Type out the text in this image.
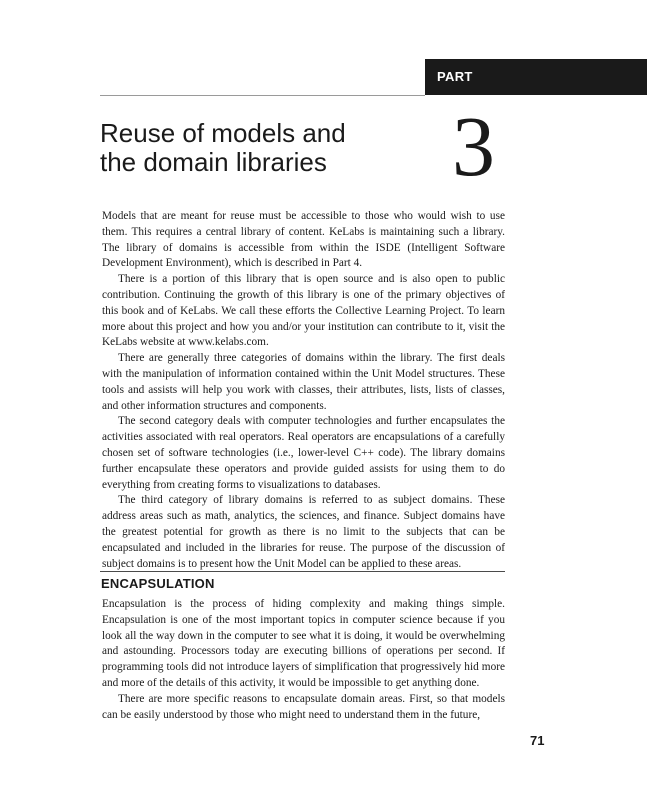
PART
Reuse of models and
the domain libraries	3

Models that are meant for reuse must be accessible to those who would wish to use them. This requires a central library of content. KeLabs is maintaining such a library. The library of domains is accessible from within the ISDE (Intelligent Software Development Environment), which is described in Part 4.

There is a portion of this library that is open source and is also open to public contribution. Continuing the growth of this library is one of the primary objectives of this book and of KeLabs. We call these efforts the Collective Learning Project. To learn more about this project and how you and/or your institution can contribute to it, visit the KeLabs website at www.kelabs.com.

There are generally three categories of domains within the library. The first deals with the manipulation of information contained within the Unit Model structures. These tools and assists will help you work with classes, their attributes, lists, lists of classes, and other information structures and components.

The second category deals with computer technologies and further encapsulates the activities associated with real operators. Real operators are encapsulations of a carefully chosen set of software technologies (i.e., lower-level C++ code). The library domains further encapsulate these operators and provide guided assists for using them to do everything from creating forms to visualizations to databases.

The third category of library domains is referred to as subject domains. These address areas such as math, analytics, the sciences, and finance. Subject domains have the greatest potential for growth as there is no limit to the subjects that can be encapsulated and included in the libraries for reuse. The purpose of the discussion of subject domains is to present how the Unit Model can be applied to these areas.

ENCAPSULATION

Encapsulation is the process of hiding complexity and making things simple. Encapsulation is one of the most important topics in computer science because if you look all the way down in the computer to see what it is doing, it would be overwhelming and astounding. Processors today are executing billions of operations per second. If programming tools did not introduce layers of simplification that progressively hid more and more of the details of this activity, it would be impossible to get anything done.

There are more specific reasons to encapsulate domain areas. First, so that models can be easily understood by those who might need to understand them in the future,

71
